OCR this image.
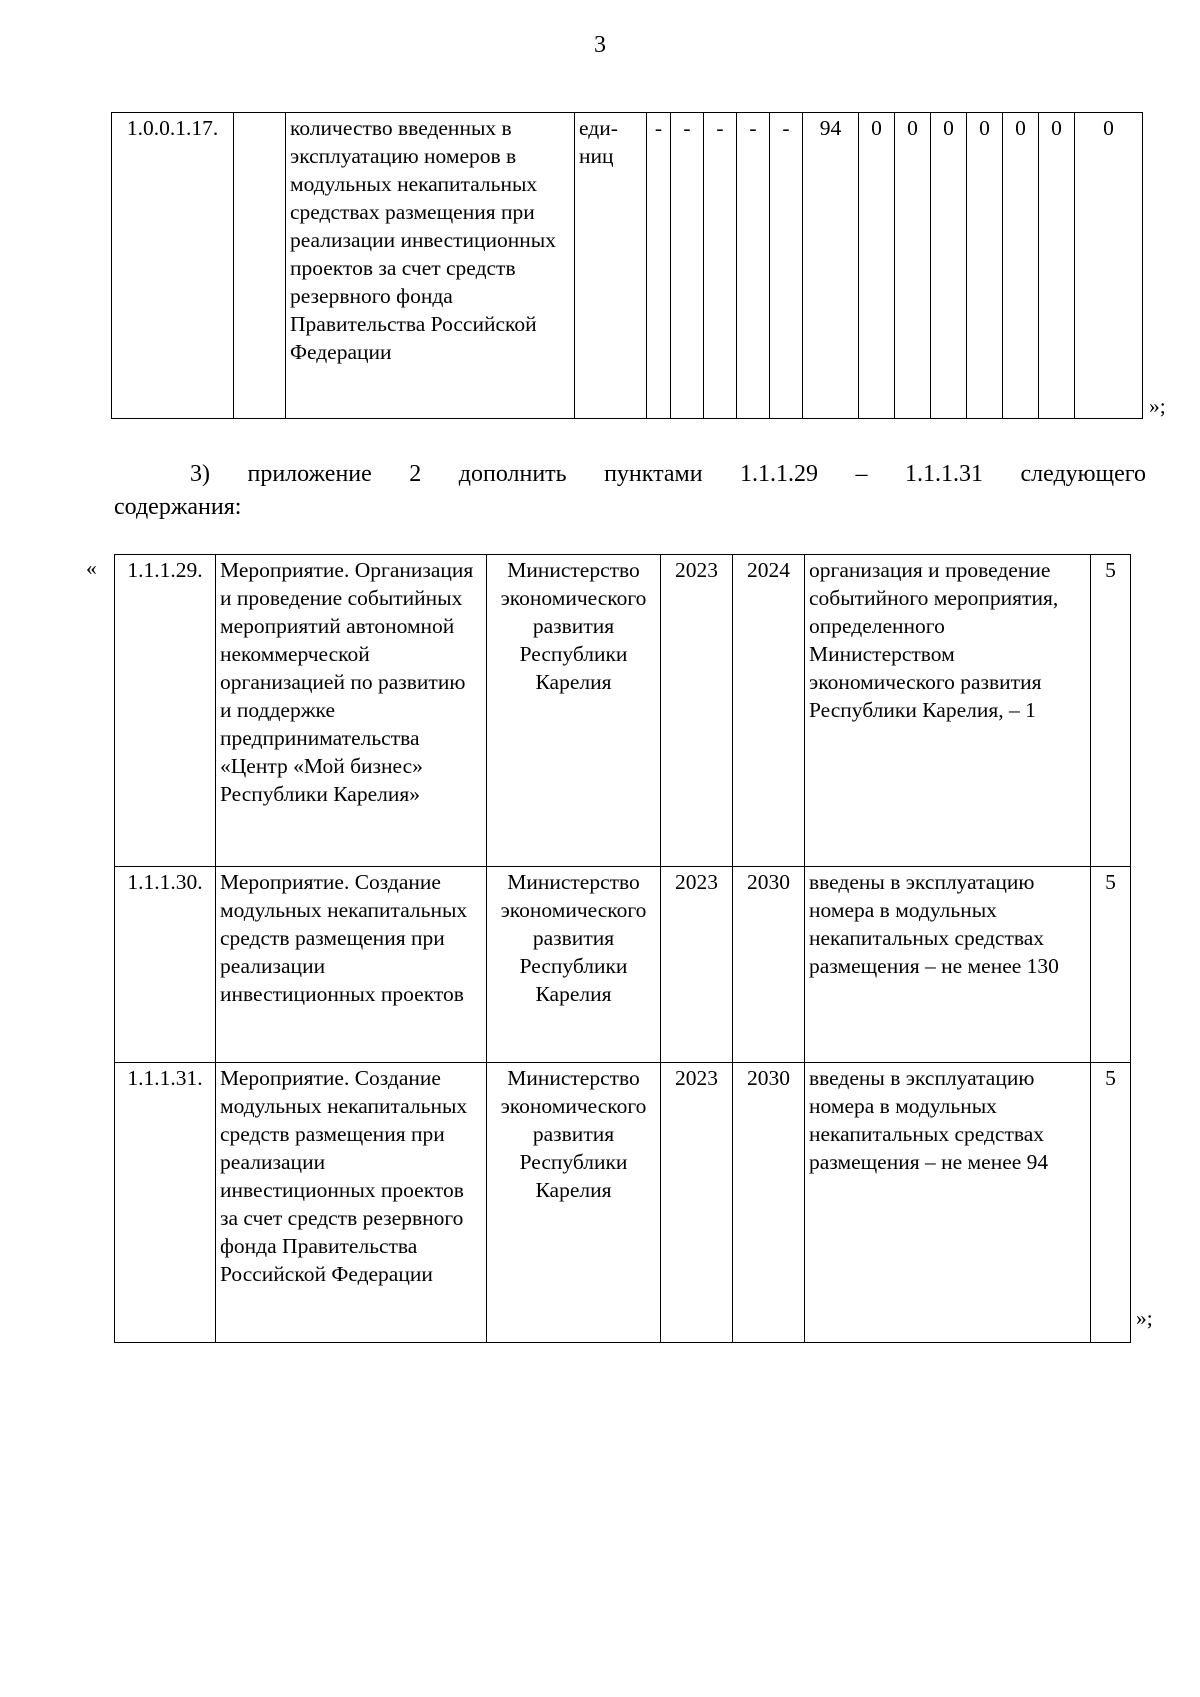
3
1.0.0.1.17.		количество введенных в эксплуатацию номеров в модульных некапитальных средствах размещения при реализации инвестиционных проектов за счет средств резервного фонда Правительства Российской Федерации	еди-
ниц	-	-	-	-	-	94	0	0	0	0	0	0	0
»;
3) приложение 2 дополнить пунктами 1.1.1.29 – 1.1.1.31 следующего
содержания:
« 1.1.1.29.	Мероприятие. Организация и проведение событийных мероприятий автономной некоммерческой организацией по развитию и поддержке предпринимательства «Центр «Мой бизнес» Республики Карелия»	Министерство экономического развития Республики Карелия	2023	2024	организация и проведение событийного мероприятия, определенного Министерством экономического развития Республики Карелия, – 1	5
1.1.1.30.	Мероприятие. Создание модульных некапитальных средств размещения при реализации инвестиционных проектов	Министерство экономического развития Республики Карелия	2023	2030	введены в эксплуатацию номера в модульных некапитальных средствах размещения – не менее 130	5
1.1.1.31.	Мероприятие. Создание модульных некапитальных средств размещения при реализации инвестиционных проектов за счет средств резервного фонда Правительства Российской Федерации	Министерство экономического развития Республики Карелия	2023	2030	введены в эксплуатацию номера в модульных некапитальных средствах размещения – не менее 94	5
»;
